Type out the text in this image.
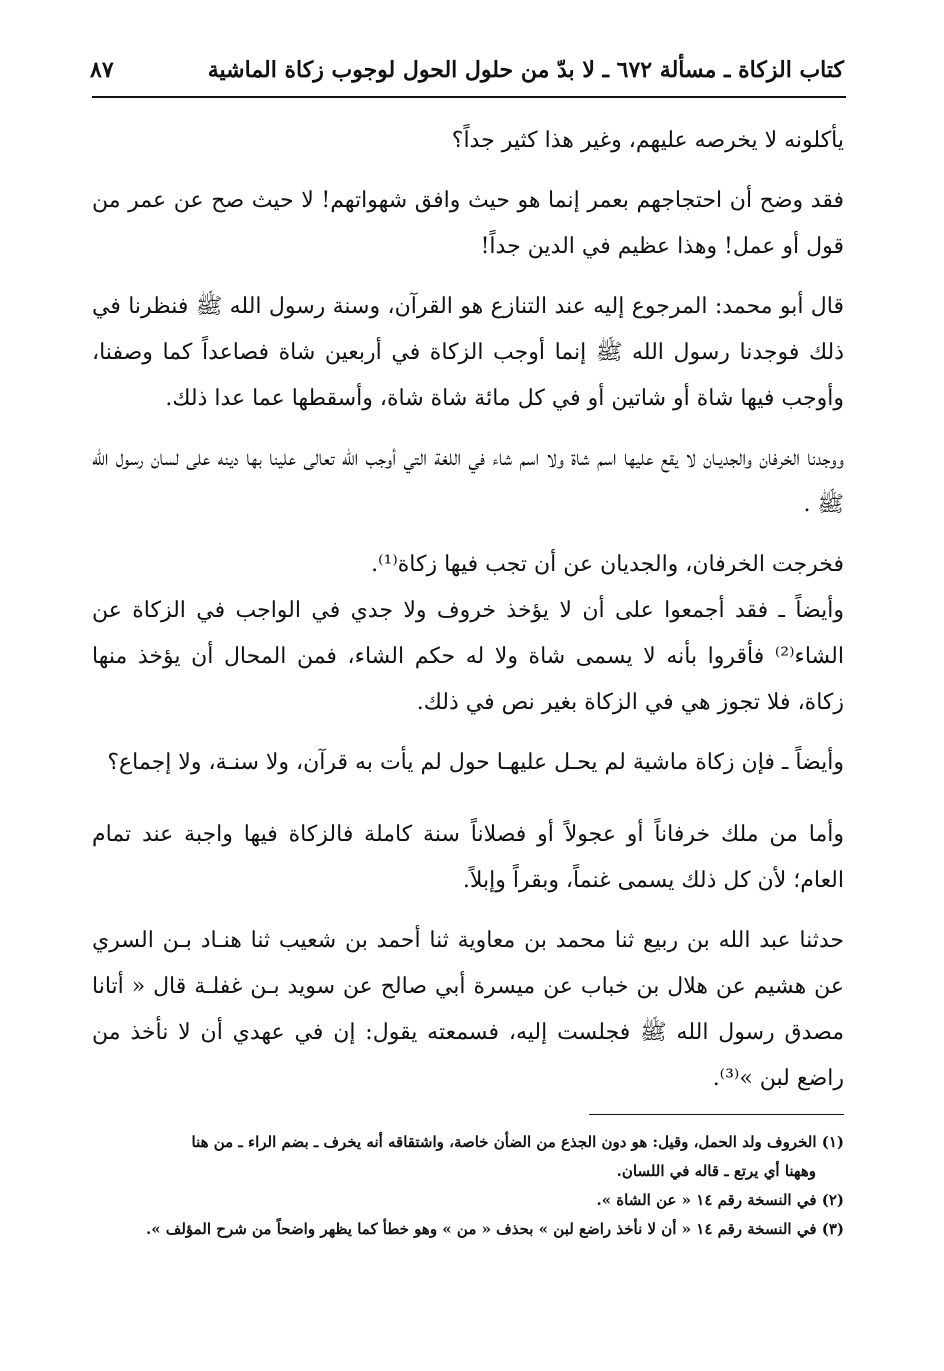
كتاب الزكاة ـ مسألة ٦٧٢ ـ لا بدّ من حلول الحول لوجوب زكاة الماشية
٨٧

يأكلونه لا يخرصه عليهم، وغير هذا كثير جداً؟

فقد وضح أن احتجاجهم بعمر إنما هو حيث وافق شهواتهم! لا حيث صح عن عمر من قول أو عمل! وهذا عظيم في الدين جداً!

قال أبو محمد: المرجوع إليه عند التنازع هو القرآن، وسنة رسول الله ﷺ فنظرنا في ذلك فوجدنا رسول الله ﷺ إنما أوجب الزكاة في أربعين شاة فصاعداً كما وصفنا، وأوجب فيها شاة أو شاتين أو في كل مائة شاة شاة، وأسقطها عما عدا ذلك.

ووجدنا الخرفان والجديـان لا يقع عليها اسم شاة ولا اسم شاء في اللغة التي أوجب الله تعالى علينا بها دينه على لسان رسول الله ﷺ .

فخرجت الخرفان، والجديان عن أن تجب فيها زكاة⁽¹⁾.

وأيضاً ـ فقد أجمعوا على أن لا يؤخذ خروف ولا جدي في الواجب في الزكاة عن الشاء⁽²⁾ فأقروا بأنه لا يسمى شاة ولا له حكم الشاء، فمن المحال أن يؤخذ منها زكاة، فلا تجوز هي في الزكاة بغير نص في ذلك.

وأيضاً ـ فإن زكاة ماشية لم يحـل عليهـا حول لم يأت به قرآن، ولا سنـة، ولا إجماع؟

وأما من ملك خرفاناً أو عجولاً أو فصلاناً سنة كاملة فالزكاة فيها واجبة عند تمام العام؛ لأن كل ذلك يسمى غنماً، وبقراً وإبلاً.

حدثنا عبد الله بن ربيع ثنا محمد بن معاوية ثنا أحمد بن شعيب ثنا هنـاد بـن السري عن هشيم عن هلال بن خباب عن ميسرة أبي صالح عن سويد بـن غفلـة قال « أتانا مصدق رسول الله ﷺ فجلست إليه، فسمعته يقول: إن في عهدي أن لا نأخذ من راضع لبن »⁽³⁾.

(١) الخروف ولد الحمل، وقيل: هو دون الجذع من الضأن خاصة، واشتقاقه أنه يخرف ـ بضم الراء ـ من هنا

وههنا أي يرتع ـ قاله في اللسان.

(٢) في النسخة رقم ١٤ « عن الشاة ».

(٣) في النسخة رقم ١٤ « أن لا نأخذ راضع لبن » بحذف « من » وهو خطأ كما يظهر واضحاً من شرح المؤلف ».
